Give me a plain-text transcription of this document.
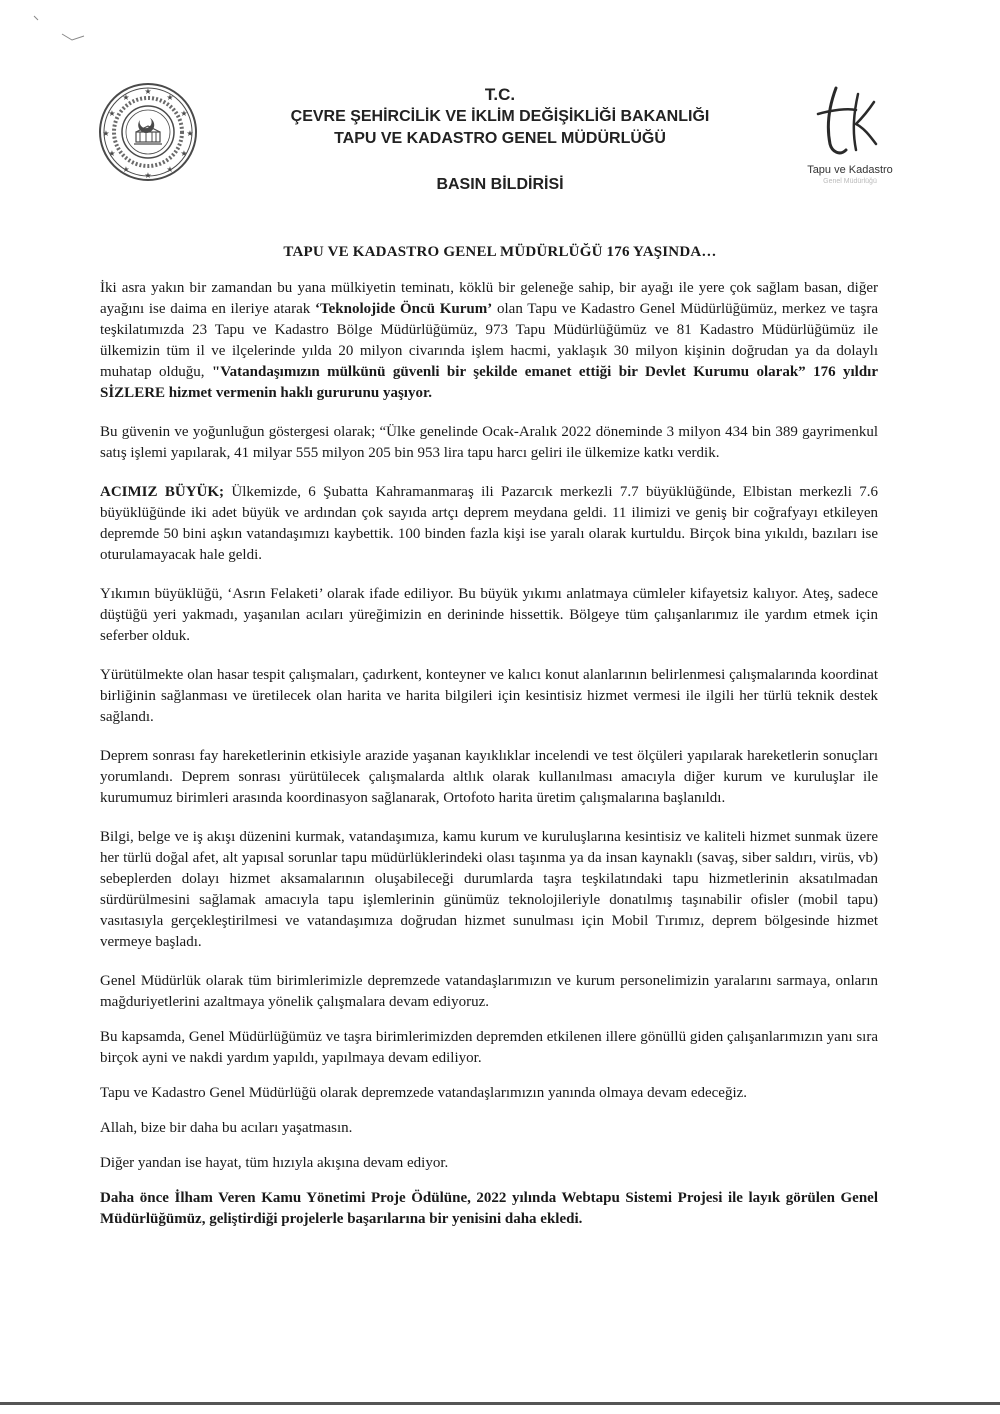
★
★	★
★	★
★	★
★	★
★	★
★
T.C.
ÇEVRE ŞEHİRCİLİK VE İKLİM DEĞİŞİKLİĞİ BAKANLIĞI
TAPU VE KADASTRO GENEL MÜDÜRLÜĞÜ
BASIN BİLDİRİSİ
Tapu ve Kadastro
Genel Müdürlüğü
TAPU VE KADASTRO GENEL MÜDÜRLÜĞÜ 176 YAŞINDA…

İki asra yakın bir zamandan bu yana mülkiyetin teminatı, köklü bir geleneğe sahip, bir ayağı ile yere çok sağlam basan, diğer ayağını ise daima en ileriye atarak ‘Teknolojide Öncü Kurum’ olan Tapu ve Kadastro Genel Müdürlüğümüz, merkez ve taşra teşkilatımızda 23 Tapu ve Kadastro Bölge Müdürlüğümüz, 973 Tapu Müdürlüğümüz ve 81 Kadastro Müdürlüğümüz ile ülkemizin tüm il ve ilçelerinde yılda 20 milyon civarında işlem hacmi, yaklaşık 30 milyon kişinin doğrudan ya da dolaylı muhatap olduğu, "Vatandaşımızın mülkünü güvenli bir şekilde emanet ettiği bir Devlet Kurumu olarak” 176 yıldır SİZLERE hizmet vermenin haklı gururunu yaşıyor.

Bu güvenin ve yoğunluğun göstergesi olarak; “Ülke genelinde Ocak-Aralık 2022 döneminde 3 milyon 434 bin 389 gayrimenkul satış işlemi yapılarak, 41 milyar 555 milyon 205 bin 953 lira tapu harcı geliri ile ülkemize katkı verdik.

ACIMIZ BÜYÜK; Ülkemizde, 6 Şubatta Kahramanmaraş ili Pazarcık merkezli 7.7 büyüklüğünde, Elbistan merkezli 7.6 büyüklüğünde iki adet büyük ve ardından çok sayıda artçı deprem meydana geldi. 11 ilimizi ve geniş bir coğrafyayı etkileyen depremde 50 bini aşkın vatandaşımızı kaybettik. 100 binden fazla kişi ise yaralı olarak kurtuldu. Birçok bina yıkıldı, bazıları ise oturulamayacak hale geldi.

Yıkımın büyüklüğü, ‘Asrın Felaketi’ olarak ifade ediliyor. Bu büyük yıkımı anlatmaya cümleler kifayetsiz kalıyor. Ateş, sadece düştüğü yeri yakmadı, yaşanılan acıları yüreğimizin en derininde hissettik. Bölgeye tüm çalışanlarımız ile yardım etmek için seferber olduk.

Yürütülmekte olan hasar tespit çalışmaları, çadırkent, konteyner ve kalıcı konut alanlarının belirlenmesi çalışmalarında koordinat birliğinin sağlanması ve üretilecek olan harita ve harita bilgileri için kesintisiz hizmet vermesi ile ilgili her türlü teknik destek sağlandı.

Deprem sonrası fay hareketlerinin etkisiyle arazide yaşanan kayıklıklar incelendi ve test ölçüleri yapılarak hareketlerin sonuçları yorumlandı. Deprem sonrası yürütülecek çalışmalarda altlık olarak kullanılması amacıyla diğer kurum ve kuruluşlar ile kurumumuz birimleri arasında koordinasyon sağlanarak, Ortofoto harita üretim çalışmalarına başlanıldı.

Bilgi, belge ve iş akışı düzenini kurmak, vatandaşımıza, kamu kurum ve kuruluşlarına kesintisiz ve kaliteli hizmet sunmak üzere her türlü doğal afet, alt yapısal sorunlar tapu müdürlüklerindeki olası taşınma ya da insan kaynaklı (savaş, siber saldırı, virüs, vb) sebeplerden dolayı hizmet aksamalarının oluşabileceği durumlarda taşra teşkilatındaki tapu hizmetlerinin aksatılmadan sürdürülmesini sağlamak amacıyla tapu işlemlerinin günümüz teknolojileriyle donatılmış taşınabilir ofisler (mobil tapu) vasıtasıyla gerçekleştirilmesi ve vatandaşımıza doğrudan hizmet sunulması için Mobil Tırımız, deprem bölgesinde hizmet vermeye başladı.

Genel Müdürlük olarak tüm birimlerimizle depremzede vatandaşlarımızın ve kurum personelimizin yaralarını sarmaya, onların mağduriyetlerini azaltmaya yönelik çalışmalara devam ediyoruz.

Bu kapsamda, Genel Müdürlüğümüz ve taşra birimlerimizden depremden etkilenen illere gönüllü giden çalışanlarımızın yanı sıra birçok ayni ve nakdi yardım yapıldı, yapılmaya devam ediliyor.

Tapu ve Kadastro Genel Müdürlüğü olarak depremzede vatandaşlarımızın yanında olmaya devam edeceğiz.

Allah, bize bir daha bu acıları yaşatmasın.

Diğer yandan ise hayat, tüm hızıyla akışına devam ediyor.

Daha önce İlham Veren Kamu Yönetimi Proje Ödülüne, 2022 yılında Webtapu Sistemi Projesi ile layık görülen Genel Müdürlüğümüz, geliştirdiği projelerle başarılarına bir yenisini daha ekledi.
